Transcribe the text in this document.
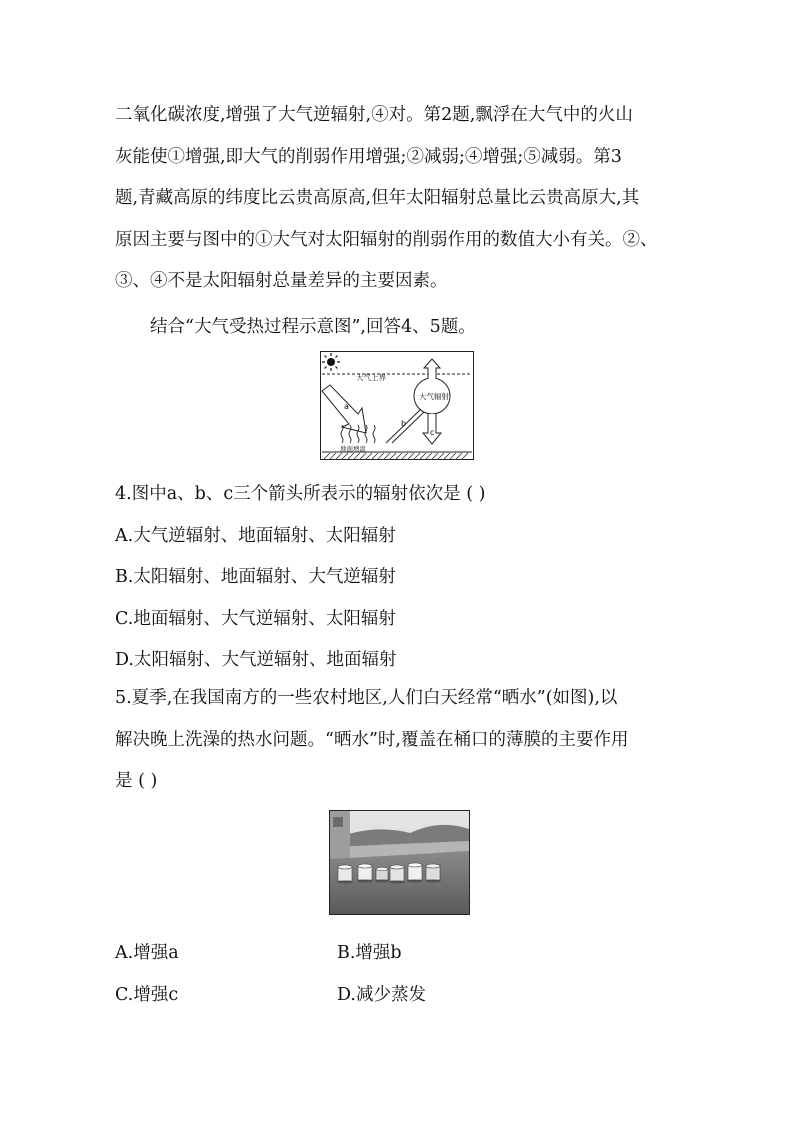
二氧化碳浓度,增强了大气逆辐射,④对。第2题,飘浮在大气中的火山
灰能使①增强,即大气的削弱作用增强;②减弱;④增强;⑤减弱。第3
题,青藏高原的纬度比云贵高原高,但年太阳辐射总量比云贵高原大,其
原因主要与图中的①大气对太阳辐射的削弱作用的数值大小有关。②、
③、④不是太阳辐射总量差异的主要因素。
结合“大气受热过程示意图”,回答4、5题。
大气上界
a
地面增温
大气辐射
c
b
4.图中a、b、c三个箭头所表示的辐射依次是 ( )
A.大气逆辐射、地面辐射、太阳辐射
B.太阳辐射、地面辐射、大气逆辐射
C.地面辐射、大气逆辐射、太阳辐射
D.太阳辐射、大气逆辐射、地面辐射
5.夏季,在我国南方的一些农村地区,人们白天经常“晒水”(如图),以
解决晚上洗澡的热水问题。“晒水”时,覆盖在桶口的薄膜的主要作用
是 ( )
A.增强a	B.增强b
C.增强c	D.减少蒸发
